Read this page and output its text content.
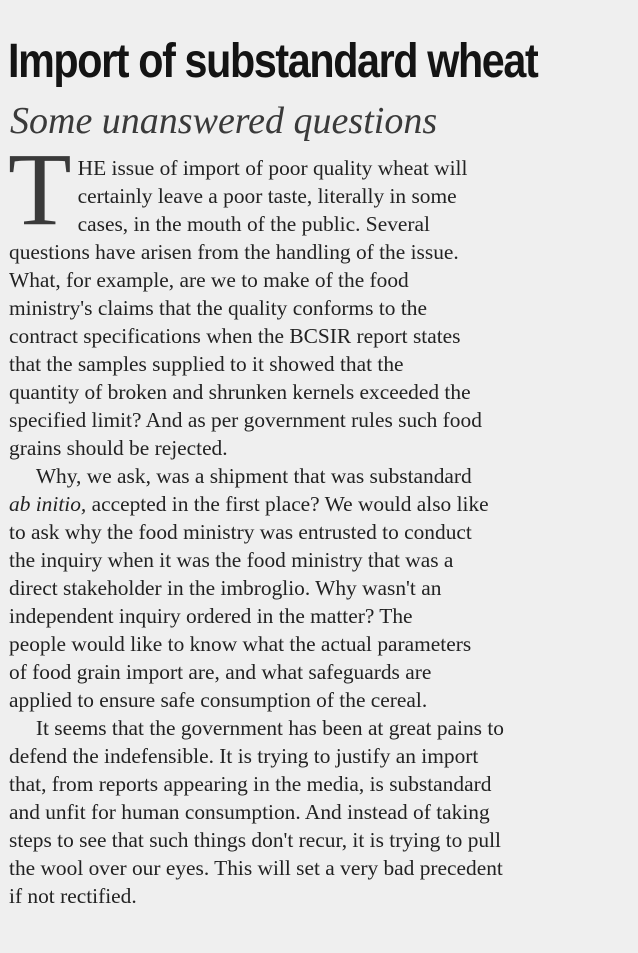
Import of substandard wheat
Some unanswered questions
T HE issue of import of poor quality wheat will
certainly leave a poor taste, literally in some
cases, in the mouth of the public. Several
questions have arisen from the handling of the issue.
What, for example, are we to make of the food
ministry's claims that the quality conforms to the
contract specifications when the BCSIR report states
that the samples supplied to it showed that the
quantity of broken and shrunken kernels exceeded the
specified limit? And as per government rules such food
grains should be rejected.
Why, we ask, was a shipment that was substandard
ab initio, accepted in the first place? We would also like
to ask why the food ministry was entrusted to conduct
the inquiry when it was the food ministry that was a
direct stakeholder in the imbroglio. Why wasn't an
independent inquiry ordered in the matter? The
people would like to know what the actual parameters
of food grain import are, and what safeguards are
applied to ensure safe consumption of the cereal.
It seems that the government has been at great pains to
defend the indefensible. It is trying to justify an import
that, from reports appearing in the media, is substandard
and unfit for human consumption. And instead of taking
steps to see that such things don't recur, it is trying to pull
the wool over our eyes. This will set a very bad precedent
if not rectified.
